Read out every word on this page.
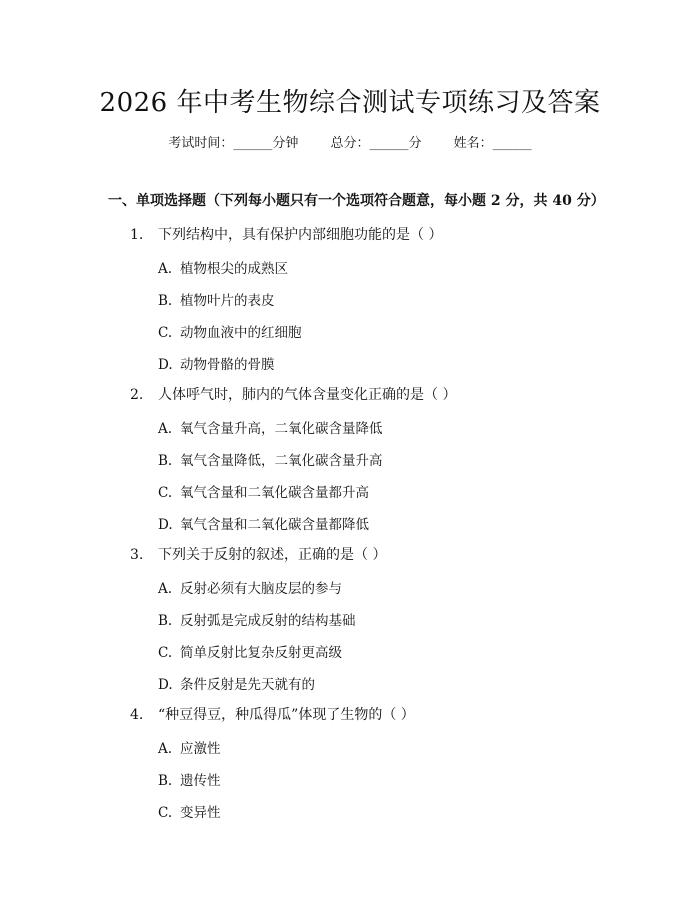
2026 年中考生物综合测试专项练习及答案
考试时间：______分钟 总分：______分 姓名：______
一、单项选择题（下列每小题只有一个选项符合题意，每小题 2 分，共 40 分）
1. 下列结构中，具有保护内部细胞功能的是（ ）
A. 植物根尖的成熟区
B. 植物叶片的表皮
C. 动物血液中的红细胞
D. 动物骨骼的骨膜
2. 人体呼气时，肺内的气体含量变化正确的是（ ）
A. 氧气含量升高，二氧化碳含量降低
B. 氧气含量降低，二氧化碳含量升高
C. 氧气含量和二氧化碳含量都升高
D. 氧气含量和二氧化碳含量都降低
3. 下列关于反射的叙述，正确的是（ ）
A. 反射必须有大脑皮层的参与
B. 反射弧是完成反射的结构基础
C. 简单反射比复杂反射更高级
D. 条件反射是先天就有的
4. “种豆得豆，种瓜得瓜”体现了生物的（ ）
A. 应激性
B. 遗传性
C. 变异性
